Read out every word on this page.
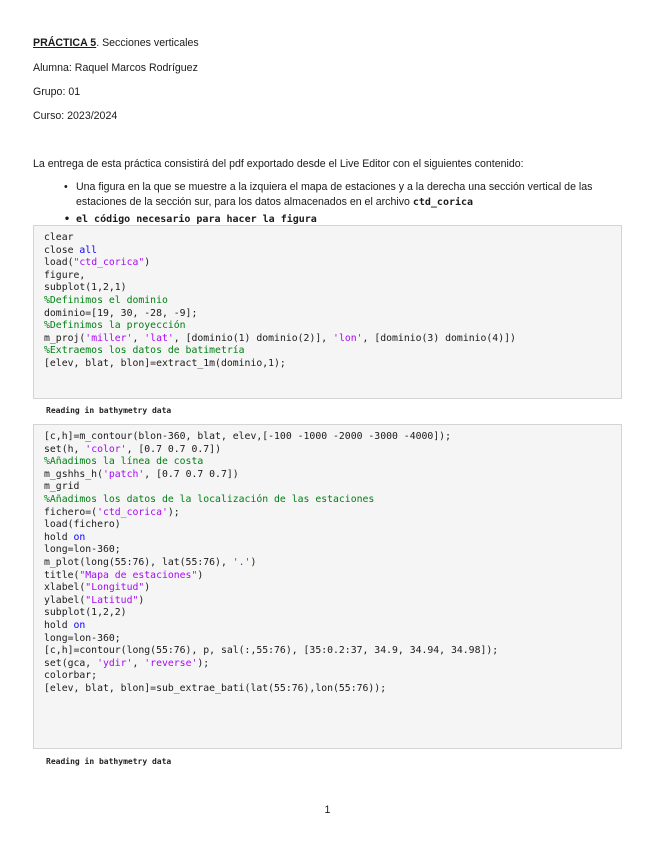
PRÁCTICA 5. Secciones verticales
Alumna: Raquel Marcos Rodríguez
Grupo: 01
Curso: 2023/2024
La entrega de esta práctica consistirá del pdf exportado desde el Live Editor con el siguientes contenido:
• Una figura en la que se muestre a la izquiera el mapa de estaciones y a la derecha una sección vertical de las estaciones de la sección sur, para los datos almacenados en el archivo ctd_corica
• el código necesario para hacer la figura
clear
close all
load("ctd_corica")
figure,
subplot(1,2,1)
%Definimos el dominio
dominio=[19, 30, -28, -9];
%Definimos la proyección
m_proj('miller', 'lat', [dominio(1) dominio(2)], 'lon', [dominio(3) dominio(4)])
%Extraemos los datos de batimetría
[elev, blat, blon]=extract_1m(dominio,1);
Reading in bathymetry data
[c,h]=m_contour(blon-360, blat, elev,[-100 -1000 -2000 -3000 -4000]);
set(h, 'color', [0.7 0.7 0.7])
%Añadimos la línea de costa
m_gshhs_h('patch', [0.7 0.7 0.7])
m_grid
%Añadimos los datos de la localización de las estaciones
fichero=('ctd_corica');
load(fichero)
hold on
long=lon-360;
m_plot(long(55:76), lat(55:76), '.')
title("Mapa de estaciones")
xlabel("Longitud")
ylabel("Latitud")
subplot(1,2,2)
hold on
long=lon-360;
[c,h]=contour(long(55:76), p, sal(:,55:76), [35:0.2:37, 34.9, 34.94, 34.98]);
set(gca, 'ydir', 'reverse');
colorbar;
[elev, blat, blon]=sub_extrae_bati(lat(55:76),lon(55:76));
Reading in bathymetry data
1
